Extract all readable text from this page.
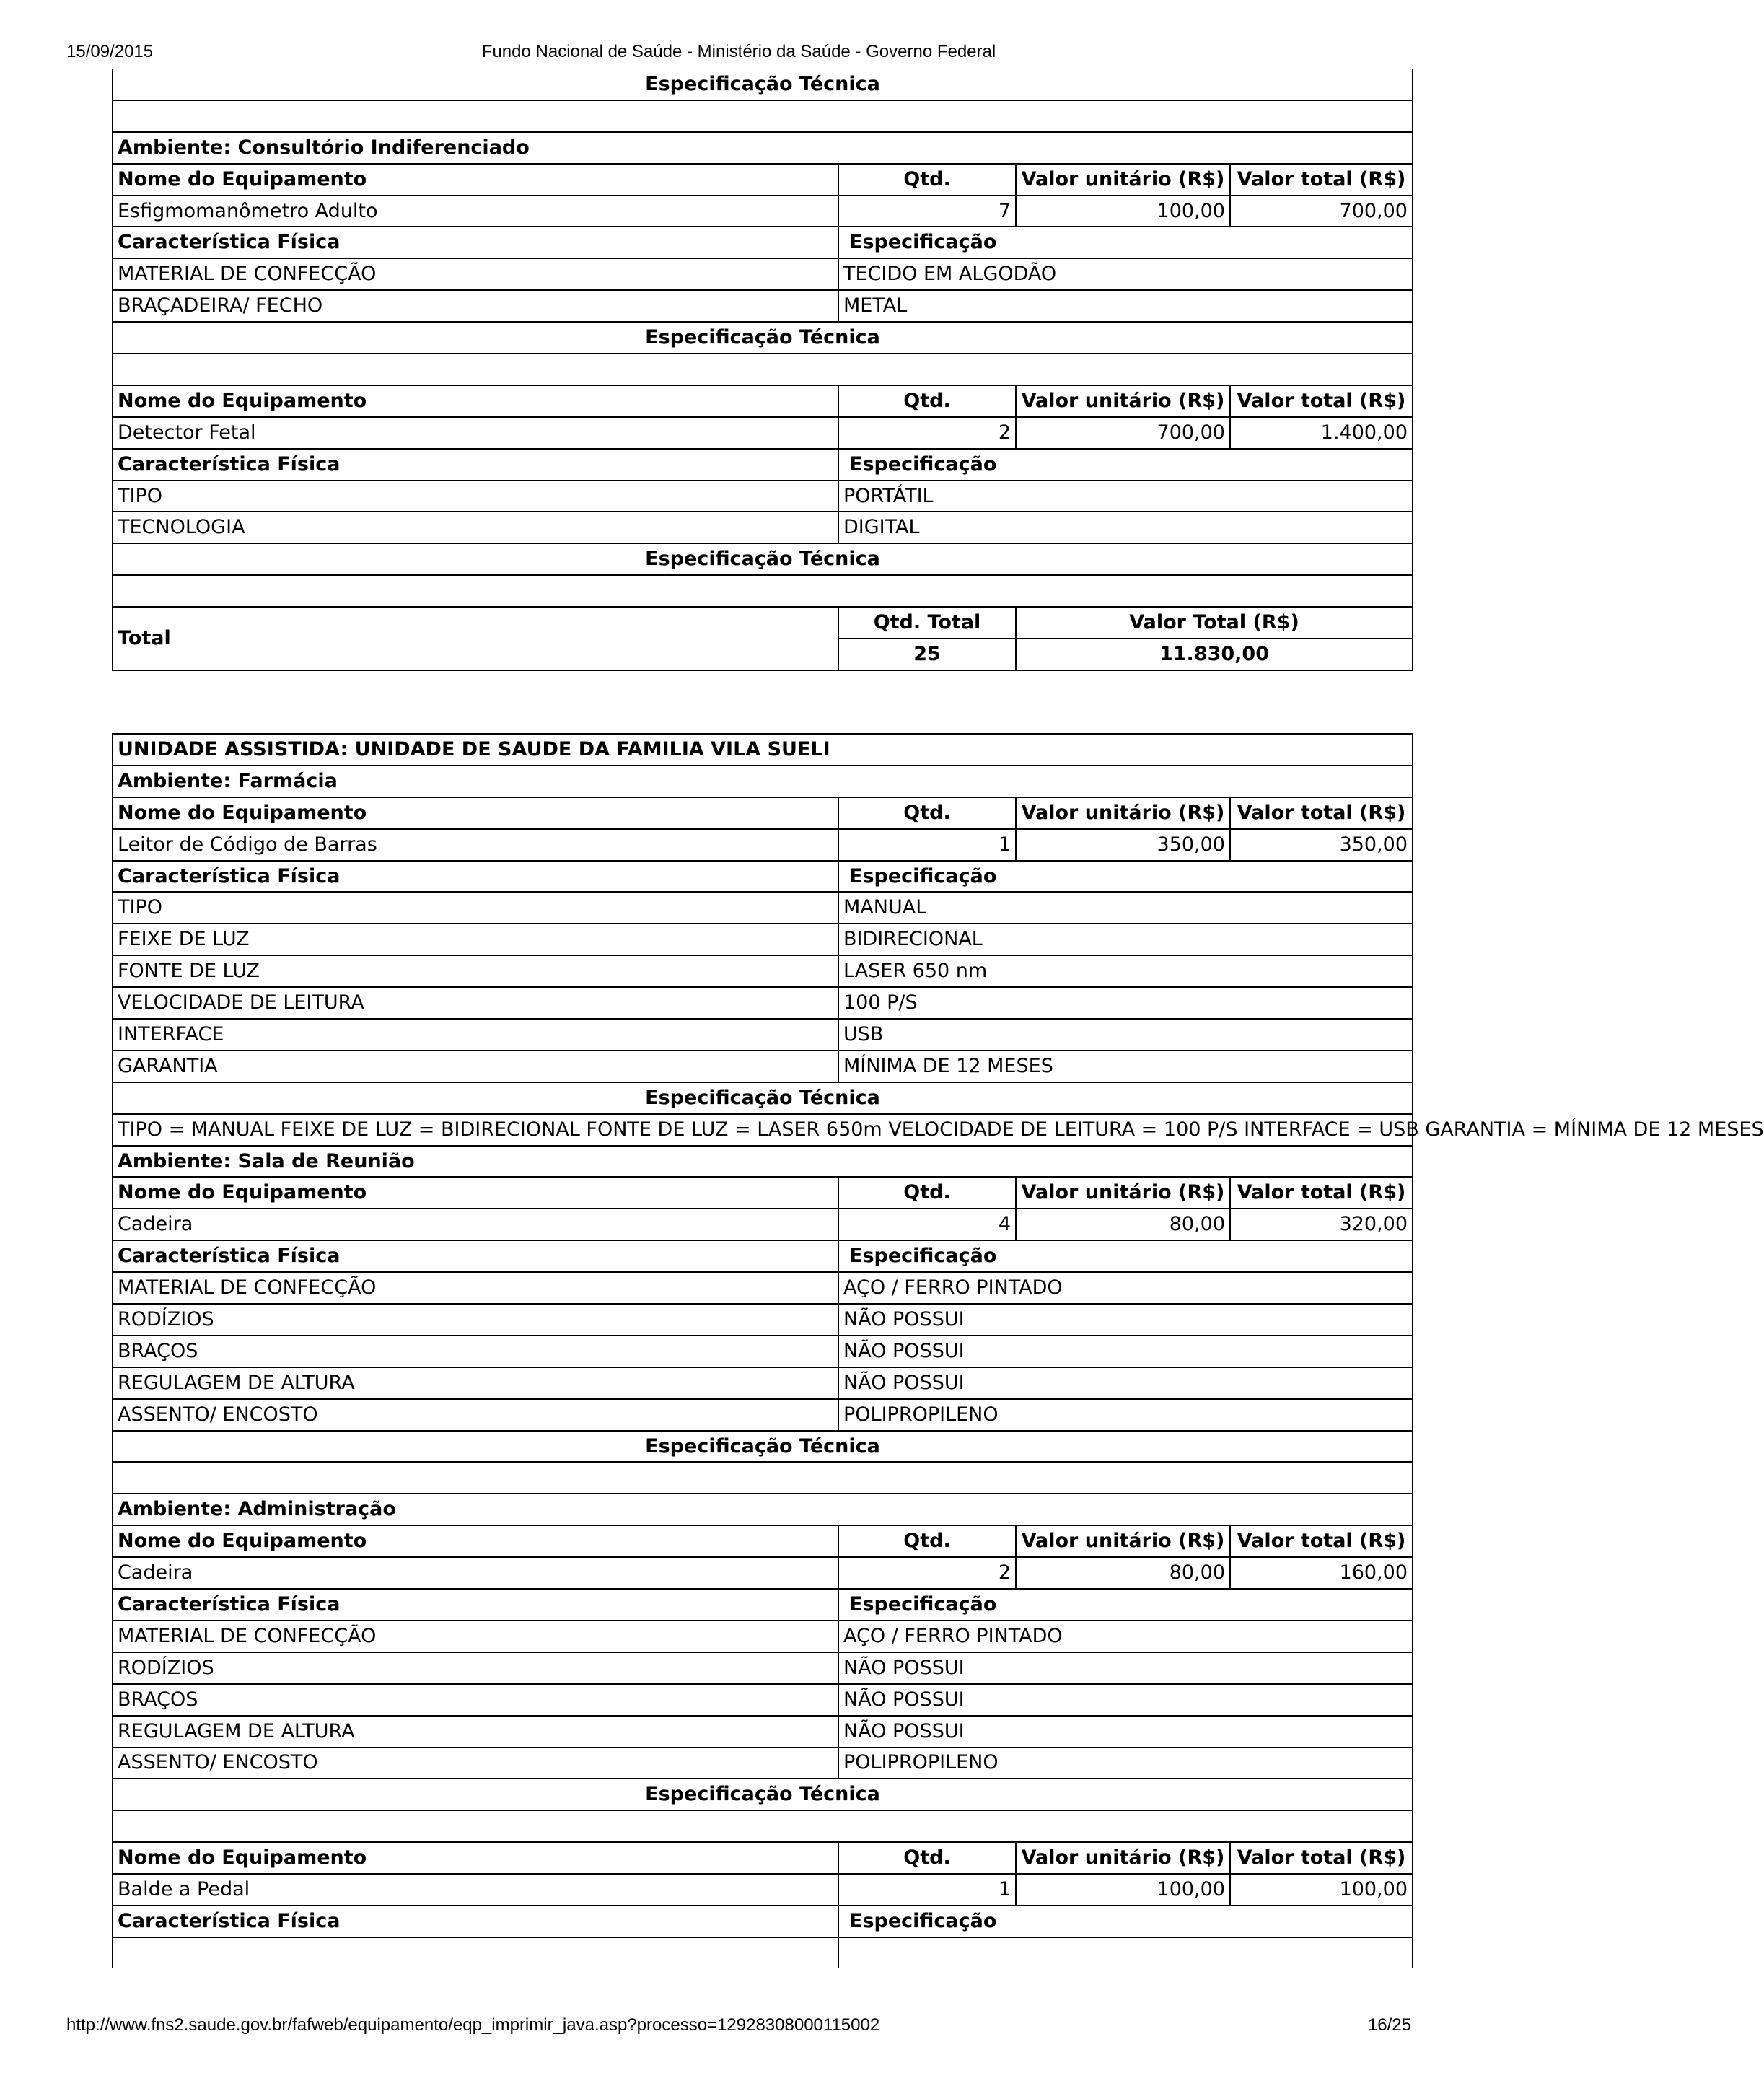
15/09/2015	Fundo Nacional de Saúde - Ministério da Saúde - Governo Federal
Especificação Técnica			

Ambiente: Consultório Indiferenciado			
Nome do Equipamento	Qtd.	Valor unitário (R$)	Valor total (R$)
Esfigmomanômetro Adulto	7	100,00	700,00
Característica Física	Especificação		
MATERIAL DE CONFECÇÃO	TECIDO EM ALGODÃO		
BRAÇADEIRA/ FECHO	METAL		
Especificação Técnica			

Nome do Equipamento	Qtd.	Valor unitário (R$)	Valor total (R$)
Detector Fetal	2	700,00	1.400,00
Característica Física	Especificação		
TIPO	PORTÁTIL		
TECNOLOGIA	DIGITAL		
Especificação Técnica			

Total	Qtd. Total	Valor Total (R$)	
	25	11.830,00	
UNIDADE ASSISTIDA: UNIDADE DE SAUDE DA FAMILIA VILA SUELI			
Ambiente: Farmácia			
Nome do Equipamento	Qtd.	Valor unitário (R$)	Valor total (R$)
Leitor de Código de Barras	1	350,00	350,00
Característica Física	Especificação		
TIPO	MANUAL		
FEIXE DE LUZ	BIDIRECIONAL		
FONTE DE LUZ	LASER 650 nm		
VELOCIDADE DE LEITURA	100 P/S		
INTERFACE	USB		
GARANTIA	MÍNIMA DE 12 MESES		
Especificação Técnica			
TIPO = MANUAL FEIXE DE LUZ = BIDIRECIONAL FONTE DE LUZ = LASER 650m VELOCIDADE DE LEITURA = 100 P/S INTERFACE = USB GARANTIA = MÍNIMA DE 12 MESES			
Ambiente: Sala de Reunião			
Nome do Equipamento	Qtd.	Valor unitário (R$)	Valor total (R$)
Cadeira	4	80,00	320,00
Característica Física	Especificação		
MATERIAL DE CONFECÇÃO	AÇO / FERRO PINTADO		
RODÍZIOS	NÃO POSSUI		
BRAÇOS	NÃO POSSUI		
REGULAGEM DE ALTURA	NÃO POSSUI		
ASSENTO/ ENCOSTO	POLIPROPILENO		
Especificação Técnica			

Ambiente: Administração			
Nome do Equipamento	Qtd.	Valor unitário (R$)	Valor total (R$)
Cadeira	2	80,00	160,00
Característica Física	Especificação		
MATERIAL DE CONFECÇÃO	AÇO / FERRO PINTADO		
RODÍZIOS	NÃO POSSUI		
BRAÇOS	NÃO POSSUI		
REGULAGEM DE ALTURA	NÃO POSSUI		
ASSENTO/ ENCOSTO	POLIPROPILENO		
Especificação Técnica			

Nome do Equipamento	Qtd.	Valor unitário (R$)	Valor total (R$)
Balde a Pedal	1	100,00	100,00
Característica Física	Especificação		

http://www.fns2.saude.gov.br/fafweb/equipamento/eqp_imprimir_java.asp?processo=12928308000115002	16/25
